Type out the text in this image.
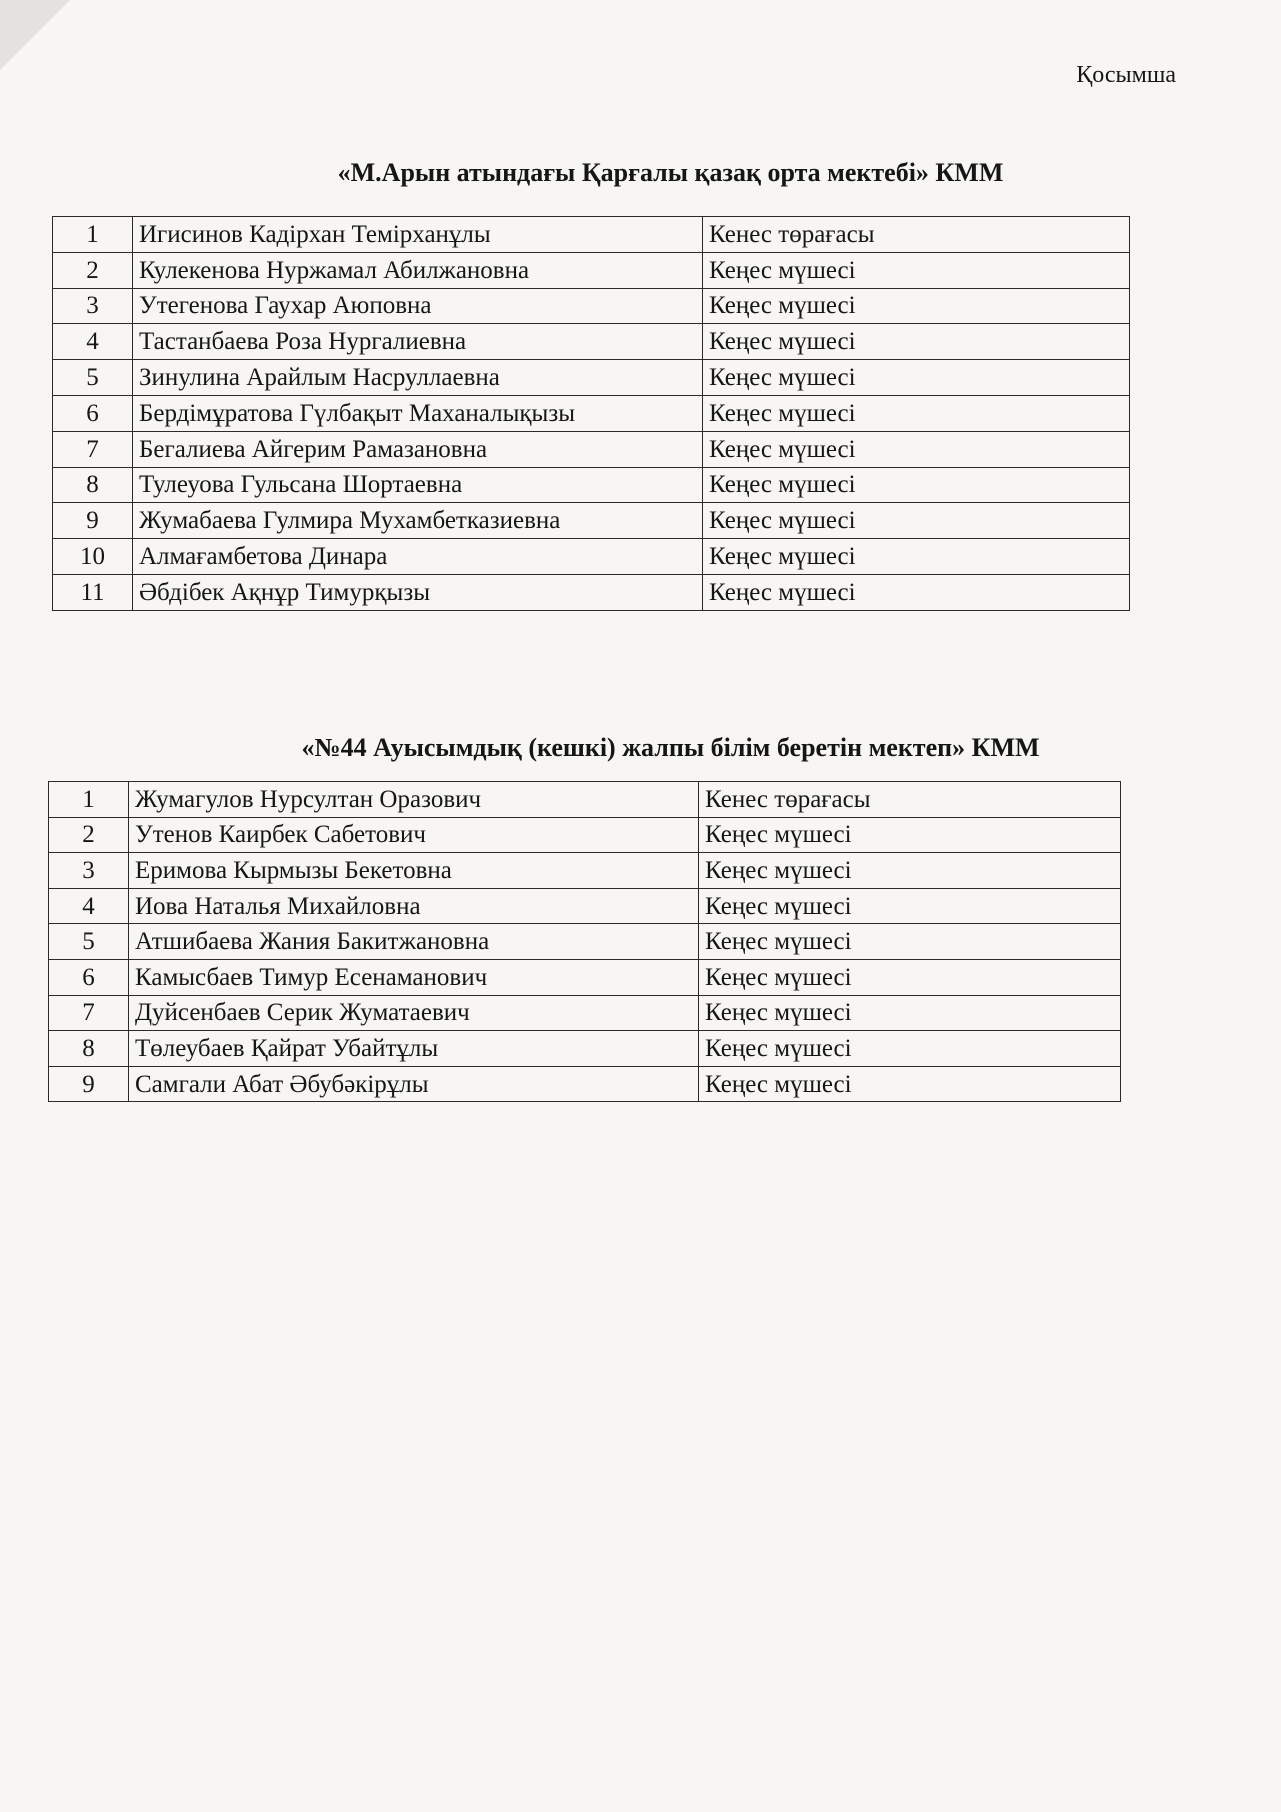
Қосымша
«М.Арын атындағы Қарғалы қазақ орта мектебі» КММ
1	Игисинов Кадірхан Темірханұлы	Кенес төрағасы
2	Кулекенова Нуржамал Абилжановна	Кеңес мүшесі
3	Утегенова Гаухар Аюповна	Кеңес мүшесі
4	Тастанбаева Роза Нургалиевна	Кеңес мүшесі
5	Зинулина Арайлым Насруллаевна	Кеңес мүшесі
6	Бердімұратова Гүлбақыт Маханалықызы	Кеңес мүшесі
7	Бегалиева Айгерим Рамазановна	Кеңес мүшесі
8	Тулеуова Гульсана Шортаевна	Кеңес мүшесі
9	Жумабаева Гулмира Мухамбетказиевна	Кеңес мүшесі
10	Алмағамбетова Динара	Кеңес мүшесі
11	Әбдібек Ақнұр Тимурқызы	Кеңес мүшесі
«№44 Ауысымдық (кешкі) жалпы білім беретін мектеп» КММ
1	Жумагулов Нурсултан Оразович	Кенес төрағасы
2	Утенов Каирбек Сабетович	Кеңес мүшесі
3	Еримова Кырмызы Бекетовна	Кеңес мүшесі
4	Иова Наталья Михайловна	Кеңес мүшесі
5	Атшибаева Жания Бакитжановна	Кеңес мүшесі
6	Камысбаев Тимур Есенаманович	Кеңес мүшесі
7	Дуйсенбаев Серик Жуматаевич	Кеңес мүшесі
8	Төлеубаев Қайрат Убайтұлы	Кеңес мүшесі
9	Самгали Абат Әбубәкірұлы	Кеңес мүшесі
